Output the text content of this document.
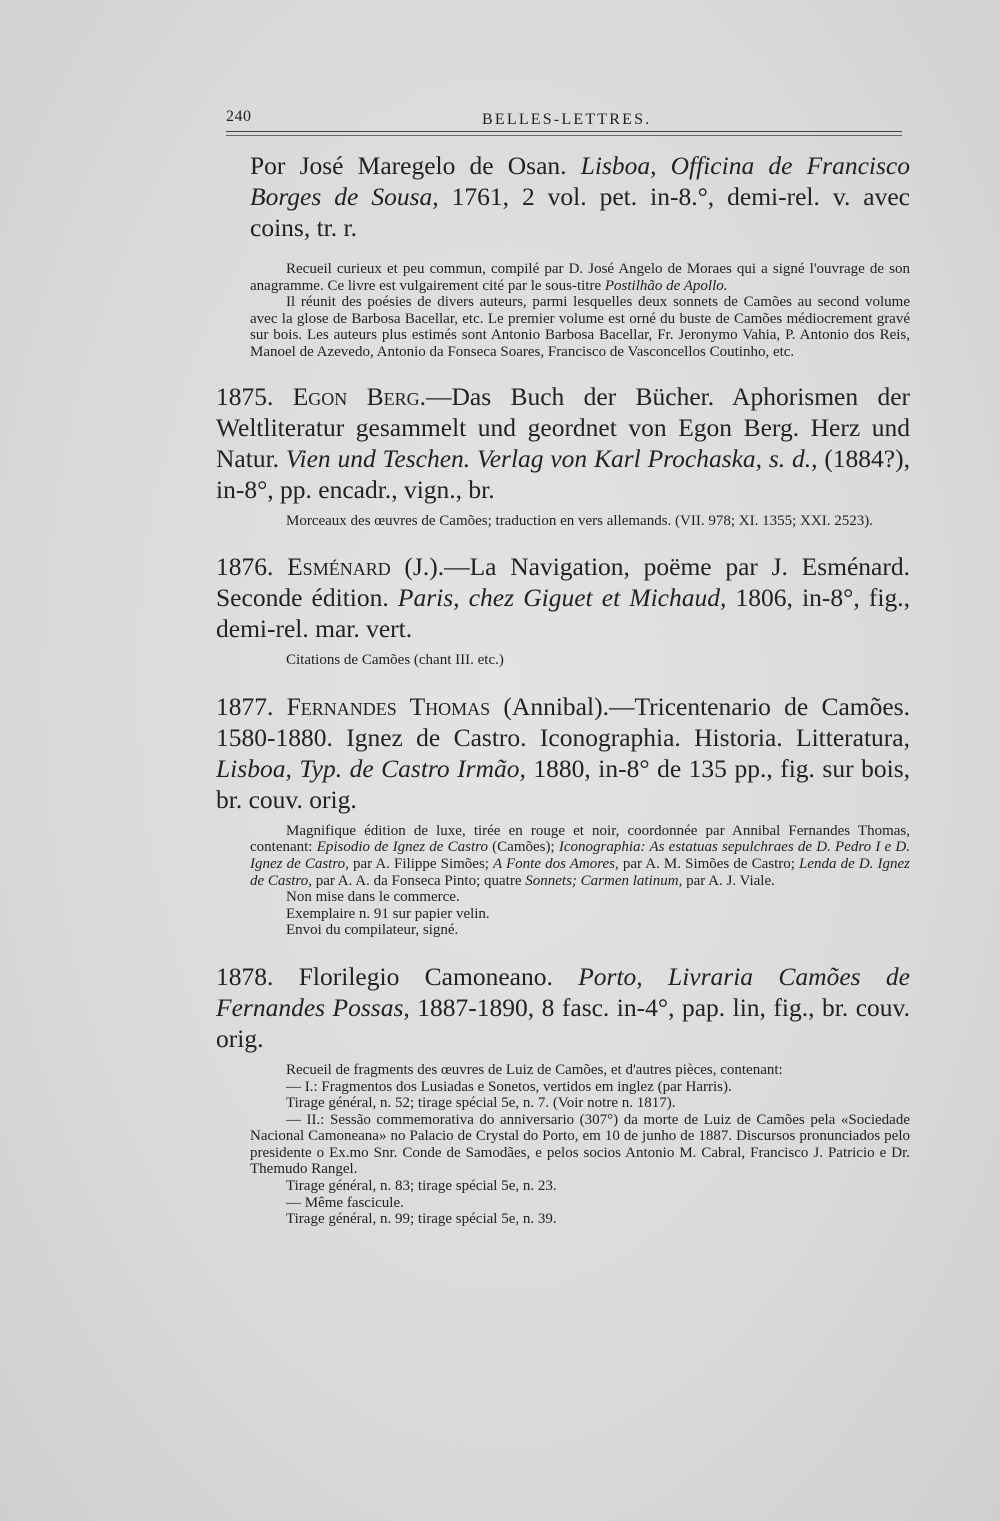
240	BELLES-LETTRES.

Por José Maregelo de Osan. Lisboa, Officina de Francisco Borges de Sousa, 1761, 2 vol. pet. in-8.°, demi-rel. v. avec coins, tr. r.

Recueil curieux et peu commun, compilé par D. José Angelo de Moraes qui a signé l'ouvrage de son anagramme. Ce livre est vulgairement cité par le sous-titre Postilhão de Apollo.

Il réunit des poésies de divers auteurs, parmi lesquelles deux sonnets de Camões au second volume avec la glose de Barbosa Bacellar, etc. Le premier volume est orné du buste de Camões médiocrement gravé sur bois. Les auteurs plus estimés sont Antonio Barbosa Bacellar, Fr. Jeronymo Vahia, P. Antonio dos Reis, Manoel de Azevedo, Antonio da Fonseca Soares, Francisco de Vasconcellos Coutinho, etc.

1875. Egon Berg.—Das Buch der Bücher. Aphorismen der Weltliteratur gesammelt und geordnet von Egon Berg. Herz und Natur. Vien und Teschen. Verlag von Karl Prochaska, s. d., (1884?), in-8°, pp. encadr., vign., br.

Morceaux des œuvres de Camões; traduction en vers allemands. (VII. 978; XI. 1355; XXI. 2523).

1876. Esménard (J.).—La Navigation, poëme par J. Esménard. Seconde édition. Paris, chez Giguet et Michaud, 1806, in-8°, fig., demi-rel. mar. vert.

Citations de Camões (chant III. etc.)

1877. Fernandes Thomas (Annibal).—Tricentenario de Camões. 1580-1880. Ignez de Castro. Iconographia. Historia. Litteratura, Lisboa, Typ. de Castro Irmão, 1880, in-8° de 135 pp., fig. sur bois, br. couv. orig.

Magnifique édition de luxe, tirée en rouge et noir, coordonnée par Annibal Fernandes Thomas, contenant: Episodio de Ignez de Castro (Camões); Iconographia: As estatuas sepulchraes de D. Pedro I e D. Ignez de Castro, par A. Filippe Simões; A Fonte dos Amores, par A. M. Simões de Castro; Lenda de D. Ignez de Castro, par A. A. da Fonseca Pinto; quatre Sonnets; Carmen latinum, par A. J. Viale.

Non mise dans le commerce.

Exemplaire n. 91 sur papier velin.

Envoi du compilateur, signé.

1878. Florilegio Camoneano. Porto, Livraria Camões de Fernandes Possas, 1887-1890, 8 fasc. in-4°, pap. lin, fig., br. couv. orig.

Recueil de fragments des œuvres de Luiz de Camões, et d'autres pièces, contenant:

— I.: Fragmentos dos Lusiadas e Sonetos, vertidos em inglez (par Harris).

Tirage général, n. 52; tirage spécial 5e, n. 7. (Voir notre n. 1817).

— II.: Sessão commemorativa do anniversario (307°) da morte de Luiz de Camões pela «Sociedade Nacional Camoneana» no Palacio de Crystal do Porto, em 10 de junho de 1887. Discursos pronunciados pelo presidente o Ex.mo Snr. Conde de Samodães, e pelos socios Antonio M. Cabral, Francisco J. Patricio e Dr. Themudo Rangel.

Tirage général, n. 83; tirage spécial 5e, n. 23.

— Même fascicule.

Tirage général, n. 99; tirage spécial 5e, n. 39.
